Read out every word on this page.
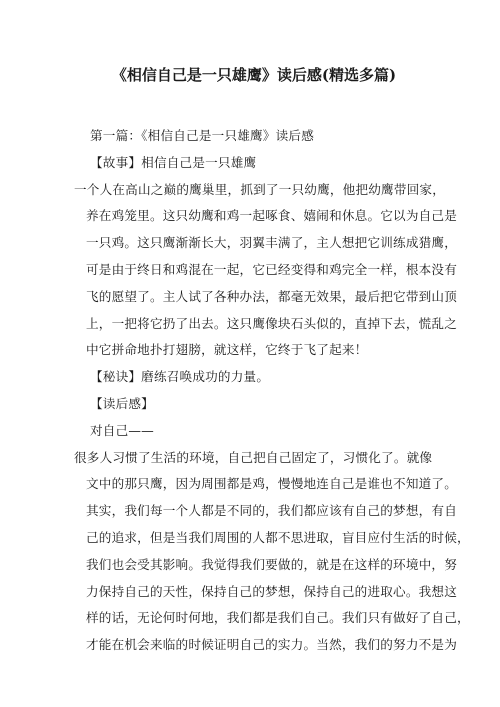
《相信自己是一只雄鹰》读后感(精选多篇)
第一篇：《相信自己是一只雄鹰》读后感
【故事】相信自己是一只雄鹰
一个人在高山之巅的鹰巢里，抓到了一只幼鹰，他把幼鹰带回家，
养在鸡笼里。这只幼鹰和鸡一起啄食、嬉闹和休息。它以为自己是
一只鸡。这只鹰渐渐长大，羽翼丰满了，主人想把它训练成猎鹰，
可是由于终日和鸡混在一起，它已经变得和鸡完全一样，根本没有
飞的愿望了。主人试了各种办法，都毫无效果，最后把它带到山顶
上，一把将它扔了出去。这只鹰像块石头似的，直掉下去，慌乱之
中它拼命地扑打翅膀，就这样，它终于飞了起来！
【秘诀】磨练召唤成功的力量。
【读后感】
对自己——
很多人习惯了生活的环境，自己把自己固定了，习惯化了。就像
文中的那只鹰，因为周围都是鸡，慢慢地连自己是谁也不知道了。
其实，我们每一个人都是不同的，我们都应该有自己的梦想，有自
己的追求，但是当我们周围的人都不思进取，盲目应付生活的时候，
我们也会受其影响。我觉得我们要做的，就是在这样的环境中，努
力保持自己的天性，保持自己的梦想，保持自己的进取心。我想这
样的话，无论何时何地，我们都是我们自己。我们只有做好了自己，
才能在机会来临的时候证明自己的实力。当然，我们的努力不是为
